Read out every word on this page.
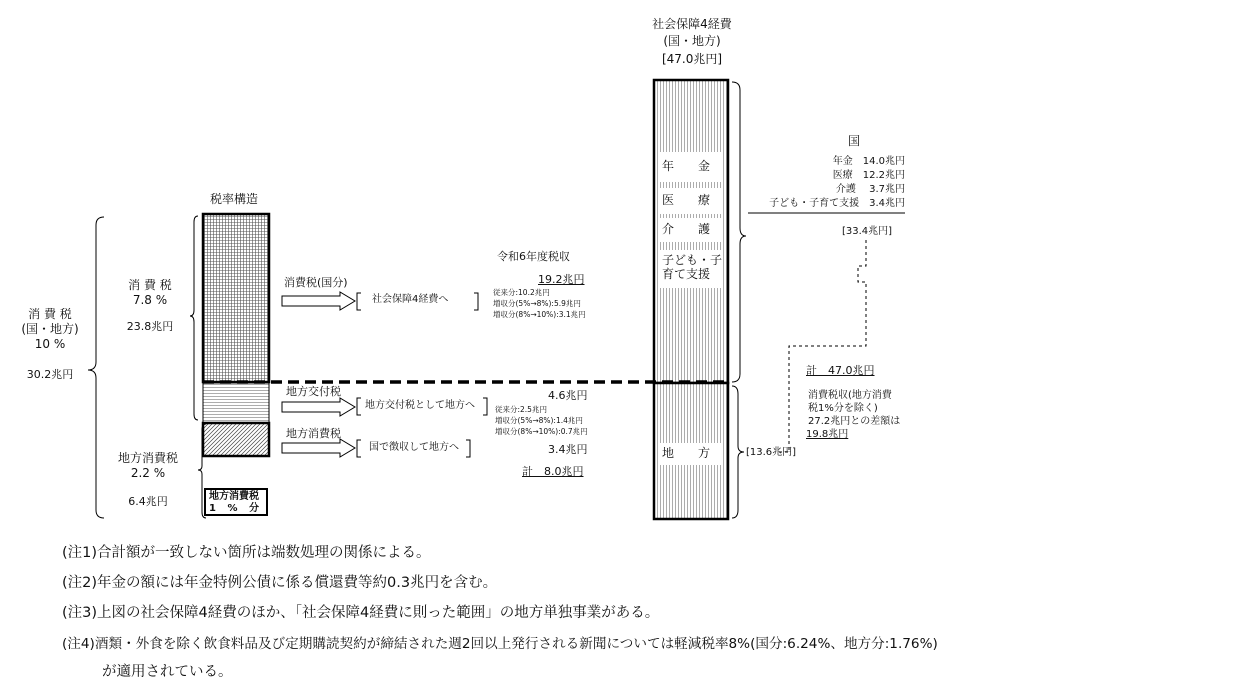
社会保障4経費
(国・地方)
[47.0兆円]
税率構造
令和6年度税収
消 費 税
(国・地方)
10 %
30.2兆円
消 費 税
7.8 %
23.8兆円
地方消費税
2.2 %
6.4兆円	地方消費税
1 % 分
消費税(国分)
社会保障4経費へ
地方交付税
地方交付税として地方へ
地方消費税
国で徴収して地方へ
19.2兆円
従来分:10.2兆円
増収分(5%→8%):5.9兆円
増収分(8%→10%):3.1兆円
4.6兆円
従来分:2.5兆円
増収分(5%→8%):1.4兆円
増収分(8%→10%):0.7兆円
3.4兆円
計　8.0兆円
年　　金
医　　療
介　　護
子ども・子
育て支援
地　　方
国
年金　14.0兆円
医療　12.2兆円
介護　 3.7兆円
子ども・子育て支援　3.4兆円
[33.4兆円]
計　47.0兆円
消費税収(地方消費
税1%分を除く)
27.2兆円との差額は
19.8兆円
[13.6兆円]
(注1)合計額が一致しない箇所は端数処理の関係による。
(注2)年金の額には年金特例公債に係る償還費等約0.3兆円を含む。
(注3)上図の社会保障4経費のほか、「社会保障4経費に則った範囲」の地方単独事業がある。
(注4)酒類・外食を除く飲食料品及び定期購読契約が締結された週2回以上発行される新聞については軽減税率8%(国分:6.24%、地方分:1.76%)
が適用されている。
